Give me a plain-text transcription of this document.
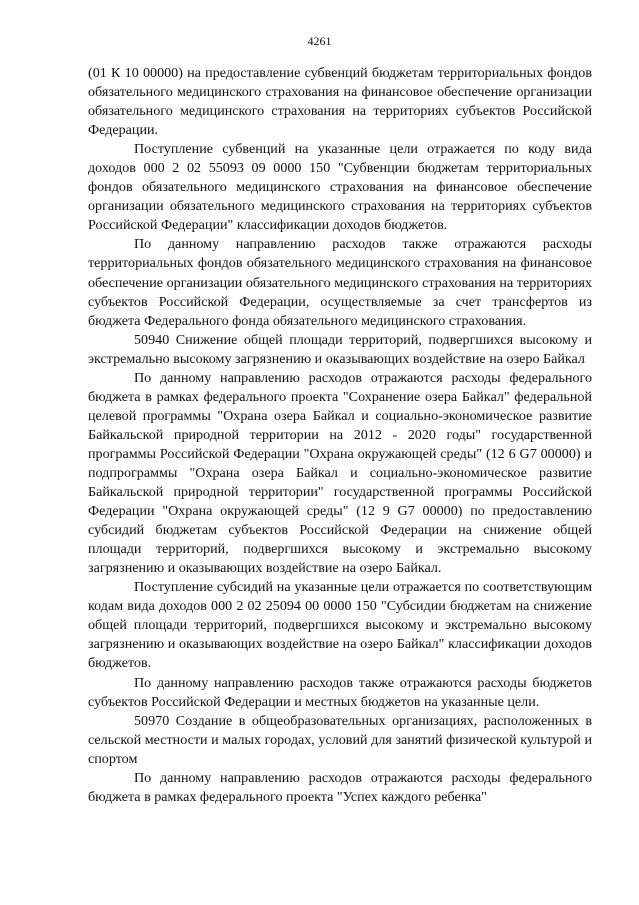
4261

(01 К 10 00000) на предоставление субвенций бюджетам территориальных фондов обязательного медицинского страхования на финансовое обеспечение организации обязательного медицинского страхования на территориях субъектов Российской Федерации.

Поступление субвенций на указанные цели отражается по коду вида доходов 000 2 02 55093 09 0000 150 "Субвенции бюджетам территориальных фондов обязательного медицинского страхования на финансовое обеспечение организации обязательного медицинского страхования на территориях субъектов Российской Федерации" классификации доходов бюджетов.

По данному направлению расходов также отражаются расходы территориальных фондов обязательного медицинского страхования на финансовое обеспечение организации обязательного медицинского страхования на территориях субъектов Российской Федерации, осуществляемые за счет трансфертов из бюджета Федерального фонда обязательного медицинского страхования.

50940 Снижение общей площади территорий, подвергшихся высокому и экстремально высокому загрязнению и оказывающих воздействие на озеро Байкал

По данному направлению расходов отражаются расходы федерального бюджета в рамках федерального проекта "Сохранение озера Байкал" федеральной целевой программы "Охрана озера Байкал и социально-экономическое развитие Байкальской природной территории на 2012 - 2020 годы" государственной программы Российской Федерации "Охрана окружающей среды" (12 6 G7 00000) и подпрограммы "Охрана озера Байкал и социально-экономическое развитие Байкальской природной территории" государственной программы Российской Федерации "Охрана окружающей среды" (12 9 G7 00000) по предоставлению субсидий бюджетам субъектов Российской Федерации на снижение общей площади территорий, подвергшихся высокому и экстремально высокому загрязнению и оказывающих воздействие на озеро Байкал.

Поступление субсидий на указанные цели отражается по соответствующим кодам вида доходов 000 2 02 25094 00 0000 150 "Субсидии бюджетам на снижение общей площади территорий, подвергшихся высокому и экстремально высокому загрязнению и оказывающих воздействие на озеро Байкал" классификации доходов бюджетов.

По данному направлению расходов также отражаются расходы бюджетов субъектов Российской Федерации и местных бюджетов на указанные цели.

50970 Создание в общеобразовательных организациях, расположенных в сельской местности и малых городах, условий для занятий физической культурой и спортом

По данному направлению расходов отражаются расходы федерального бюджета в рамках федерального проекта "Успех каждого ребенка"
